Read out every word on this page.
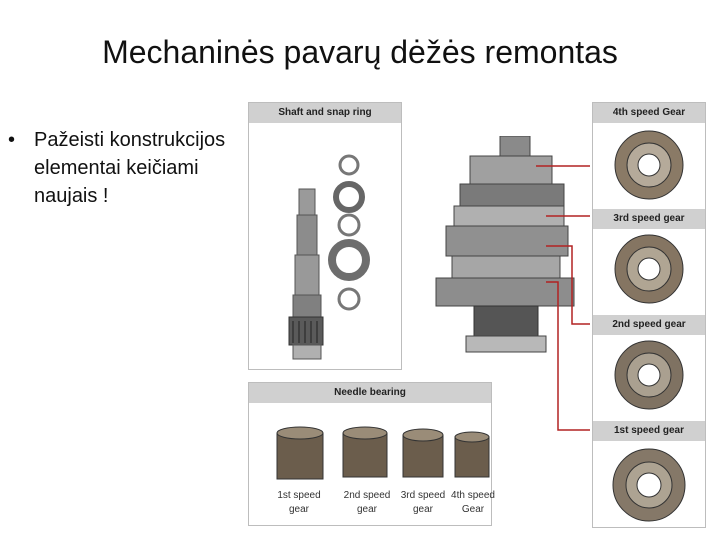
Mechaninės pavarų dėžės remontas
• Pažeisti konstrukcijos elementai keičiami naujais !
Shaft and snap ring
Needle bearing
1st speed
gear
2nd speed
gear
3rd speed
gear
4th speed
Gear
4th speed Gear
3rd speed gear
2nd speed gear
1st speed gear
